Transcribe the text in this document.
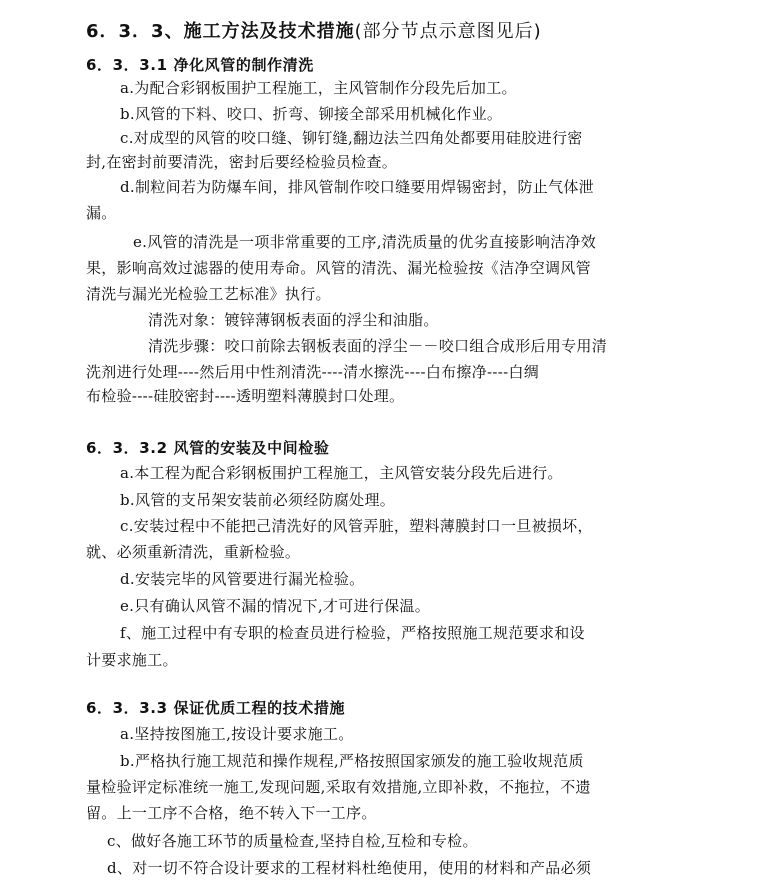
6．3．3、施工方法及技术措施(部分节点示意图见后)
6．3．3.1 净化风管的制作清洗
a.为配合彩钢板围护工程施工，主风管制作分段先后加工。
b.风管的下料、咬口、折弯、铆接全部采用机械化作业。
c.对成型的风管的咬口缝、铆钉缝,翻边法兰四角处都要用硅胶进行密
封,在密封前要清洗，密封后要经检验员检查。
d.制粒间若为防爆车间，排风管制作咬口缝要用焊锡密封，防止气体泄
漏。
e.风管的清洗是一项非常重要的工序,清洗质量的优劣直接影响洁净效
果，影响高效过滤器的使用寿命。风管的清洗、漏光检验按《洁净空调风管
清洗与漏光光检验工艺标准》执行。
清洗对象：镀锌薄钢板表面的浮尘和油脂。
清洗步骤：咬口前除去钢板表面的浮尘－－咬口组合成形后用专用清
洗剂进行处理----然后用中性剂清洗----清水擦洗----白布擦净----白绸
布检验----硅胶密封----透明塑料薄膜封口处理。
6．3．3.2 风管的安装及中间检验
a.本工程为配合彩钢板围护工程施工，主风管安装分段先后进行。
b.风管的支吊架安装前必须经防腐处理。
c.安装过程中不能把己清洗好的风管弄脏，塑料薄膜封口一旦被损坏，
就、必须重新清洗，重新检验。
d.安装完毕的风管要进行漏光检验。
e.只有确认风管不漏的情况下,才可进行保温。
f、施工过程中有专职的检查员进行检验，严格按照施工规范要求和设
计要求施工。
6．3．3.3 保证优质工程的技术措施
a.坚持按图施工,按设计要求施工。
b.严格执行施工规范和操作规程,严格按照国家颁发的施工验收规范质
量检验评定标准统一施工,发现问题,采取有效措施,立即补救，不拖拉，不遗
留。上一工序不合格，绝不转入下一工序。
c、做好各施工环节的质量检查,坚持自检,互检和专检。
d、对一切不符合设计要求的工程材料杜绝使用，使用的材料和产品必须
